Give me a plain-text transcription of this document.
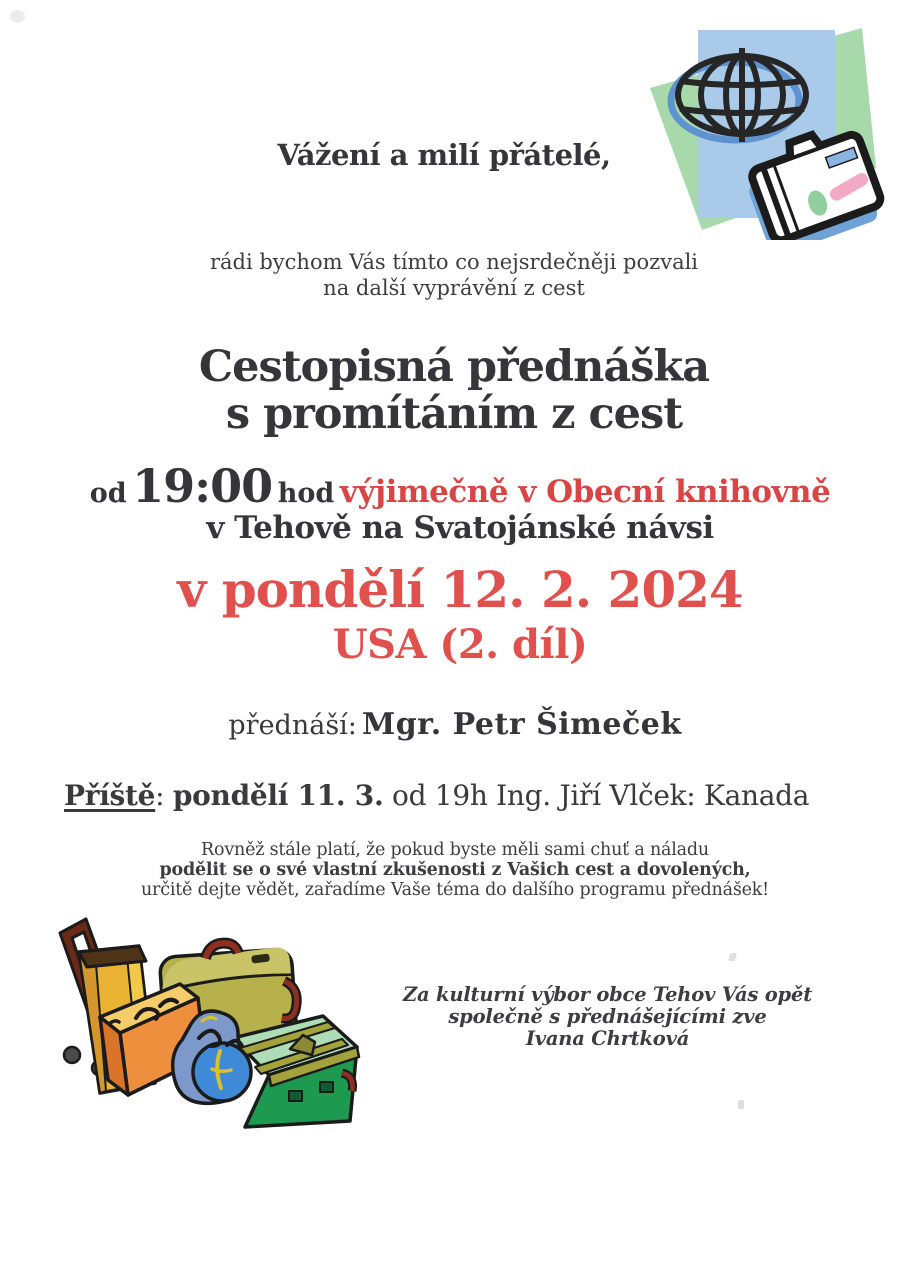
Vážení a milí přátelé,
rádi bychom Vás tímto co nejsrdečněji pozvali
na další vyprávění z cest
Cestopisná přednáška
s promítáním z cest
od 19:00 hod výjimečně v Obecní knihovně
v Tehově na Svatojánské návsi
v pondělí 12. 2. 2024
USA (2. díl)
přednáší: Mgr. Petr Šimeček
Příště: pondělí 11. 3. od 19h Ing. Jiří Vlček: Kanada
Rovněž stále platí, že pokud byste měli sami chuť a náladu
podělit se o své vlastní zkušenosti z Vašich cest a dovolených,
určitě dejte vědět, zařadíme Vaše téma do dalšího programu přednášek!
Za kulturní výbor obce Tehov Vás opět
společně s přednášejícími zve
Ivana Chrtková
